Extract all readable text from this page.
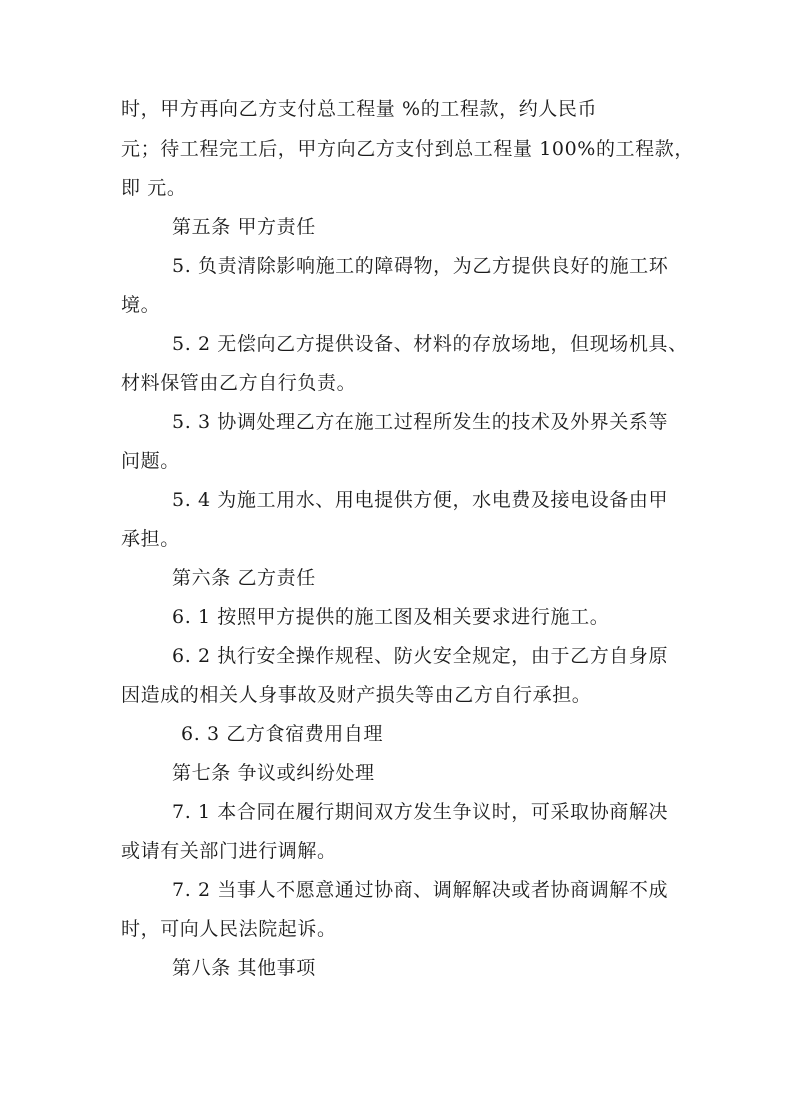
时，甲方再向乙方支付总工程量 %的工程款，约人民币
元；待工程完工后，甲方向乙方支付到总工程量 100%的工程款，
即 元。
第五条 甲方责任
5. 负责清除影响施工的障碍物，为乙方提供良好的施工环
境。
5. 2 无偿向乙方提供设备、材料的存放场地，但现场机具、
材料保管由乙方自行负责。
5. 3 协调处理乙方在施工过程所发生的技术及外界关系等
问题。
5. 4 为施工用水、用电提供方便，水电费及接电设备由甲
承担。
第六条 乙方责任
6. 1 按照甲方提供的施工图及相关要求进行施工。
6. 2 执行安全操作规程、防火安全规定，由于乙方自身原
因造成的相关人身事故及财产损失等由乙方自行承担。
6. 3 乙方食宿费用自理
第七条 争议或纠纷处理
7. 1 本合同在履行期间双方发生争议时，可采取协商解决
或请有关部门进行调解。
7. 2 当事人不愿意通过协商、调解解决或者协商调解不成
时，可向人民法院起诉。
第八条 其他事项
